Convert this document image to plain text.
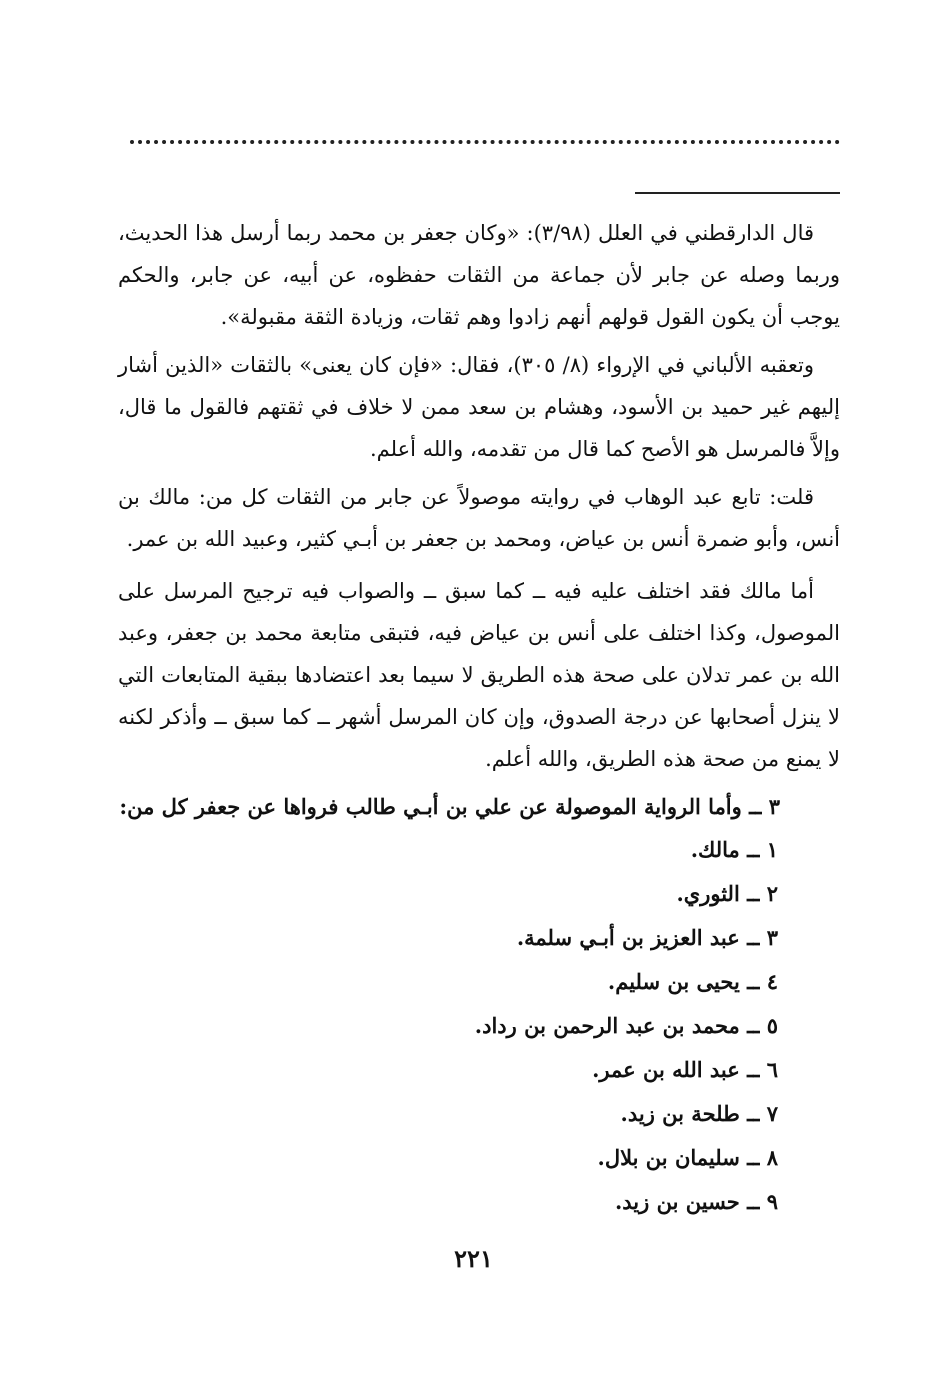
قال الدارقطني في العلل (٣/٩٨): «وكان جعفر بن محمد ربما أرسل هذا الحديث، وربما وصله عن جابر لأن جماعة من الثقات حفظوه، عن أبيه، عن جابر، والحكم يوجب أن يكون القول قولهم أنهم زادوا وهم ثقات، وزيادة الثقة مقبولة».

وتعقبه الألباني في الإرواء (٨/ ٣٠٥)، فقال: «فإن كان يعنى» بالثقات «الذين أشار إليهم غير حميد بن الأسود، وهشام بن سعد ممن لا خلاف في ثقتهم فالقول ما قال، وإلاَّ فالمرسل هو الأصح كما قال من تقدمه، والله أعلم.

قلت: تابع عبد الوهاب في روايته موصولاً عن جابر من الثقات كل من: مالك بن أنس، وأبو ضمرة أنس بن عياض، ومحمد بن جعفر بن أبـي كثير، وعبيد الله بن عمر.

أما مالك فقد اختلف عليه فيه ــ كما سبق ــ والصواب فيه ترجيح المرسل على الموصول، وكذا اختلف على أنس بن عياض فيه، فتبقى متابعة محمد بن جعفر، وعبد الله بن عمر تدلان على صحة هذه الطريق لا سيما بعد اعتضادها ببقية المتابعات التي لا ينزل أصحابها عن درجة الصدوق، وإن كان المرسل أشهر ــ كما سبق ــ وأذكر لكنه لا يمنع من صحة هذه الطريق، والله أعلم.

٣ ــ وأما الرواية الموصولة عن علي بن أبـي طالب فرواها عن جعفر كل من:

١ ــ مالك.
٢ ــ الثوري.
٣ ــ عبد العزيز بن أبـي سلمة.
٤ ــ يحيى بن سليم.
٥ ــ محمد بن عبد الرحمن بن رداد.
٦ ــ عبد الله بن عمر.
٧ ــ طلحة بن زيد.
٨ ــ سليمان بن بلال.
٩ ــ حسين بن زيد.
٢٢١
